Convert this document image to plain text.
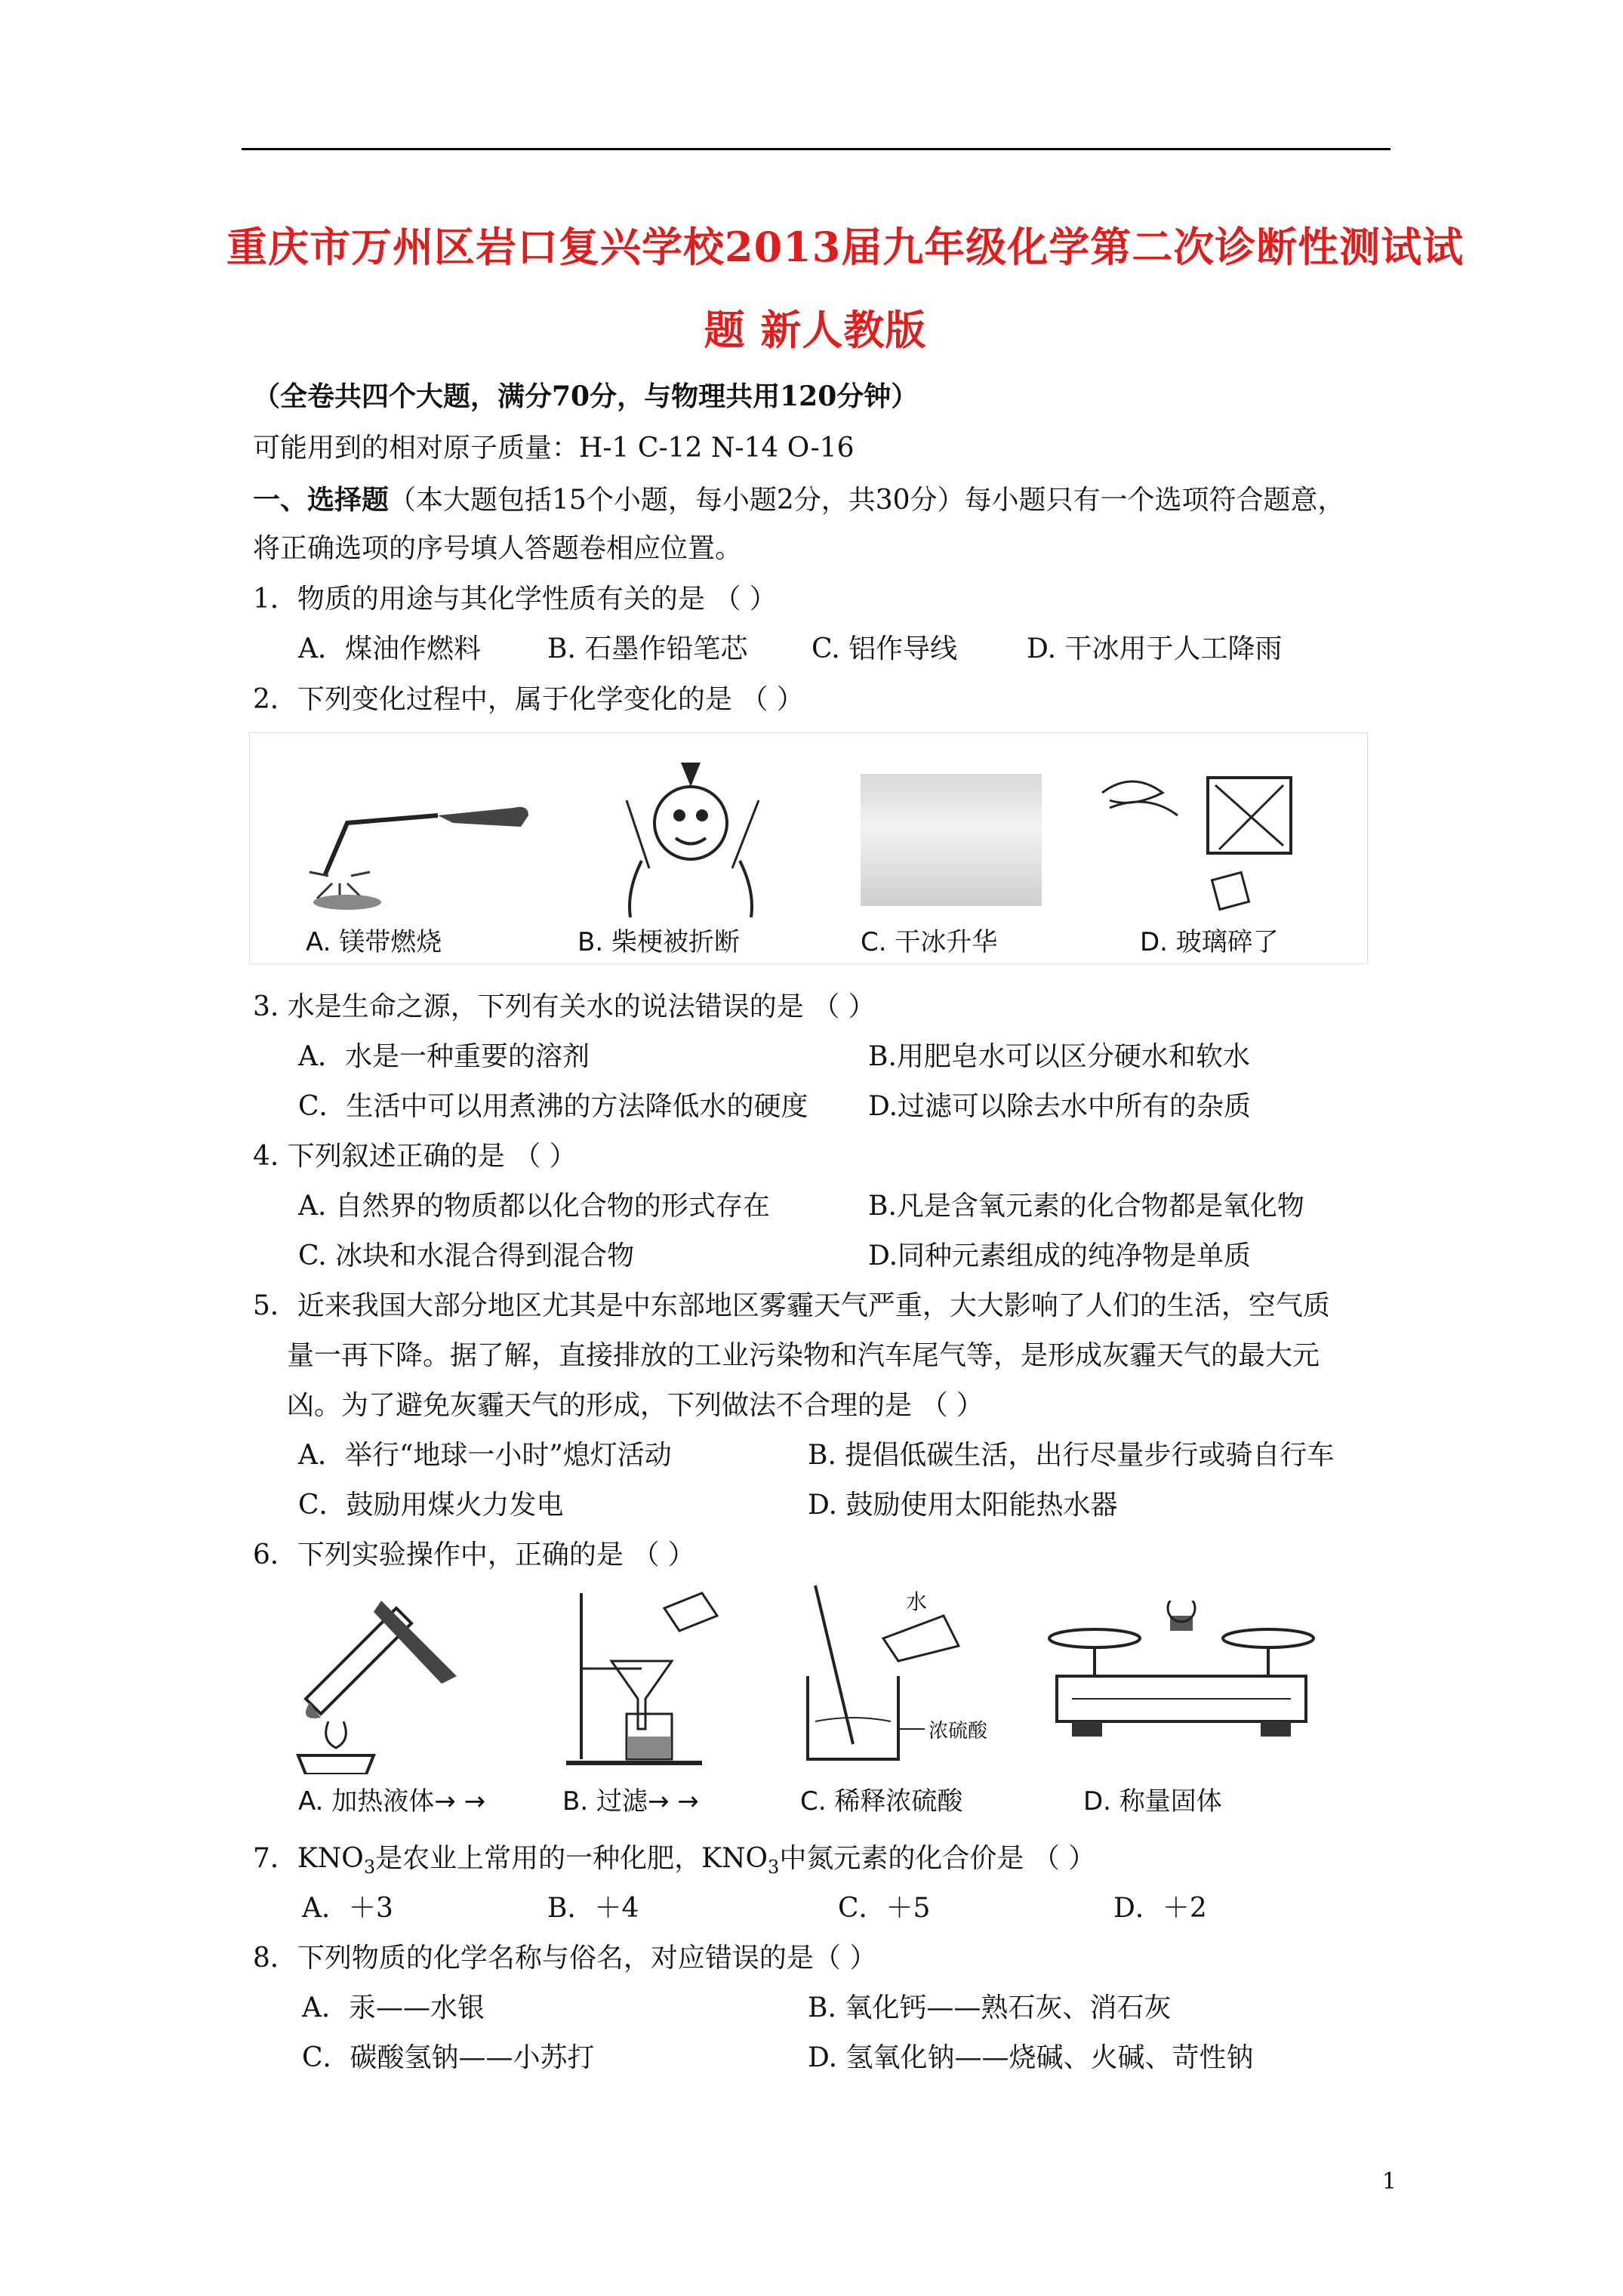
重庆市万州区岩口复兴学校2013届九年级化学第二次诊断性测试试
题 新人教版
（全卷共四个大题，满分70分，与物理共用120分钟）
可能用到的相对原子质量：H-1 C-12 N-14 O-16
一、选择题（本大题包括15个小题，每小题2分，共30分）每小题只有一个选项符合题意，
将正确选项的序号填人答题卷相应位置。
1．物质的用途与其化学性质有关的是 （ ）
A．煤油作燃料 B. 石墨作铅笔芯 C. 铝作导线	D. 干冰用于人工降雨
2．下列变化过程中，属于化学变化的是 （ ）
A. 镁带燃烧	B. 柴梗被折断	C. 干冰升华	D. 玻璃碎了
3. 水是生命之源，下列有关水的说法错误的是 （ ）
A．水是一种重要的溶剂	B.用肥皂水可以区分硬水和软水
C．生活中可以用煮沸的方法降低水的硬度 D.过滤可以除去水中所有的杂质
4. 下列叙述正确的是 （ ）
A. 自然界的物质都以化合物的形式存在	B.凡是含氧元素的化合物都是氧化物
C. 冰块和水混合得到混合物	D.同种元素组成的纯净物是单质
5．近来我国大部分地区尤其是中东部地区雾霾天气严重，大大影响了人们的生活，空气质
量一再下降。据了解，直接排放的工业污染物和汽车尾气等，是形成灰霾天气的最大元
凶。为了避免灰霾天气的形成，下列做法不合理的是 （ ）
A．举行“地球一小时”熄灯活动	B. 提倡低碳生活，出行尽量步行或骑自行车
C．鼓励用煤火力发电	D. 鼓励使用太阳能热水器
6．下列实验操作中，正确的是 （ ）
水
浓硫酸
A. 加热液体→ →	B. 过滤→ →	C. 稀释浓硫酸	D. 称量固体
7．$KNO_3$是农业上常用的一种化肥，$KNO_3$中氮元素的化合价是 （ ）
A．＋3	B．＋4	C．＋5	D．＋2
8．下列物质的化学名称与俗名，对应错误的是（ ）
A．汞——水银	B. 氧化钙——熟石灰、消石灰
C．碳酸氢钠——小苏打	D. 氢氧化钠——烧碱、火碱、苛性钠
1
